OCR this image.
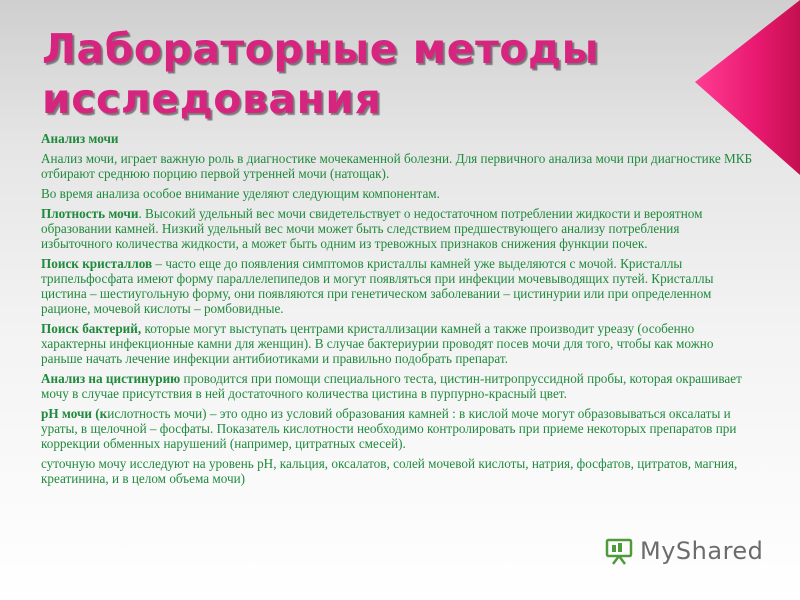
Лабораторные методы исследования

Анализ мочи

Анализ мочи, играет важную роль в диагностике мочекаменной болезни. Для первичного анализа мочи при диагностике МКБ отбирают среднюю порцию первой утренней мочи (натощак).

Во время анализа особое внимание уделяют следующим компонентам.

Плотность мочи. Высокий удельный вес мочи свидетельствует о недостаточном потреблении жидкости и вероятном образовании камней. Низкий удельный вес мочи может быть следствием предшествующего анализу потребления избыточного количества жидкости, а может быть одним из тревожных признаков снижения функции почек.

Поиск кристаллов – часто еще до появления симптомов кристаллы камней уже выделяются с мочой. Кристаллы трипельфосфата имеют форму параллелепипедов и могут появляться при инфекции мочевыводящих путей. Кристаллы цистина – шестиугольную форму, они появляются при генетическом заболевании – цистинурии или при определенном рационе, мочевой кислоты – ромбовидные.

Поиск бактерий, которые могут выступать центрами кристаллизации камней а также производит уреазу (особенно характерны инфекционные камни для женщин). В случае бактериурии проводят посев мочи для того, чтобы как можно раньше начать лечение инфекции антибиотиками и правильно подобрать препарат.

Анализ на цистинурию проводится при помощи специального теста, цистин-нитропруссидной пробы, которая окрашивает мочу в случае присутствия в ней достаточного количества цистина в пурпурно-красный цвет.

pH мочи (кислотность мочи) – это одно из условий образования камней : в кислой моче могут образовываться оксалаты и ураты, в щелочной – фосфаты. Показатель кислотности необходимо контролировать при приеме некоторых препаратов при коррекции обменных нарушений (например, цитратных смесей).

суточную мочу исследуют на уровень pH, кальция, оксалатов, солей мочевой кислоты, натрия, фосфатов, цитратов, магния, креатинина, и в целом объема мочи)

MyShared
